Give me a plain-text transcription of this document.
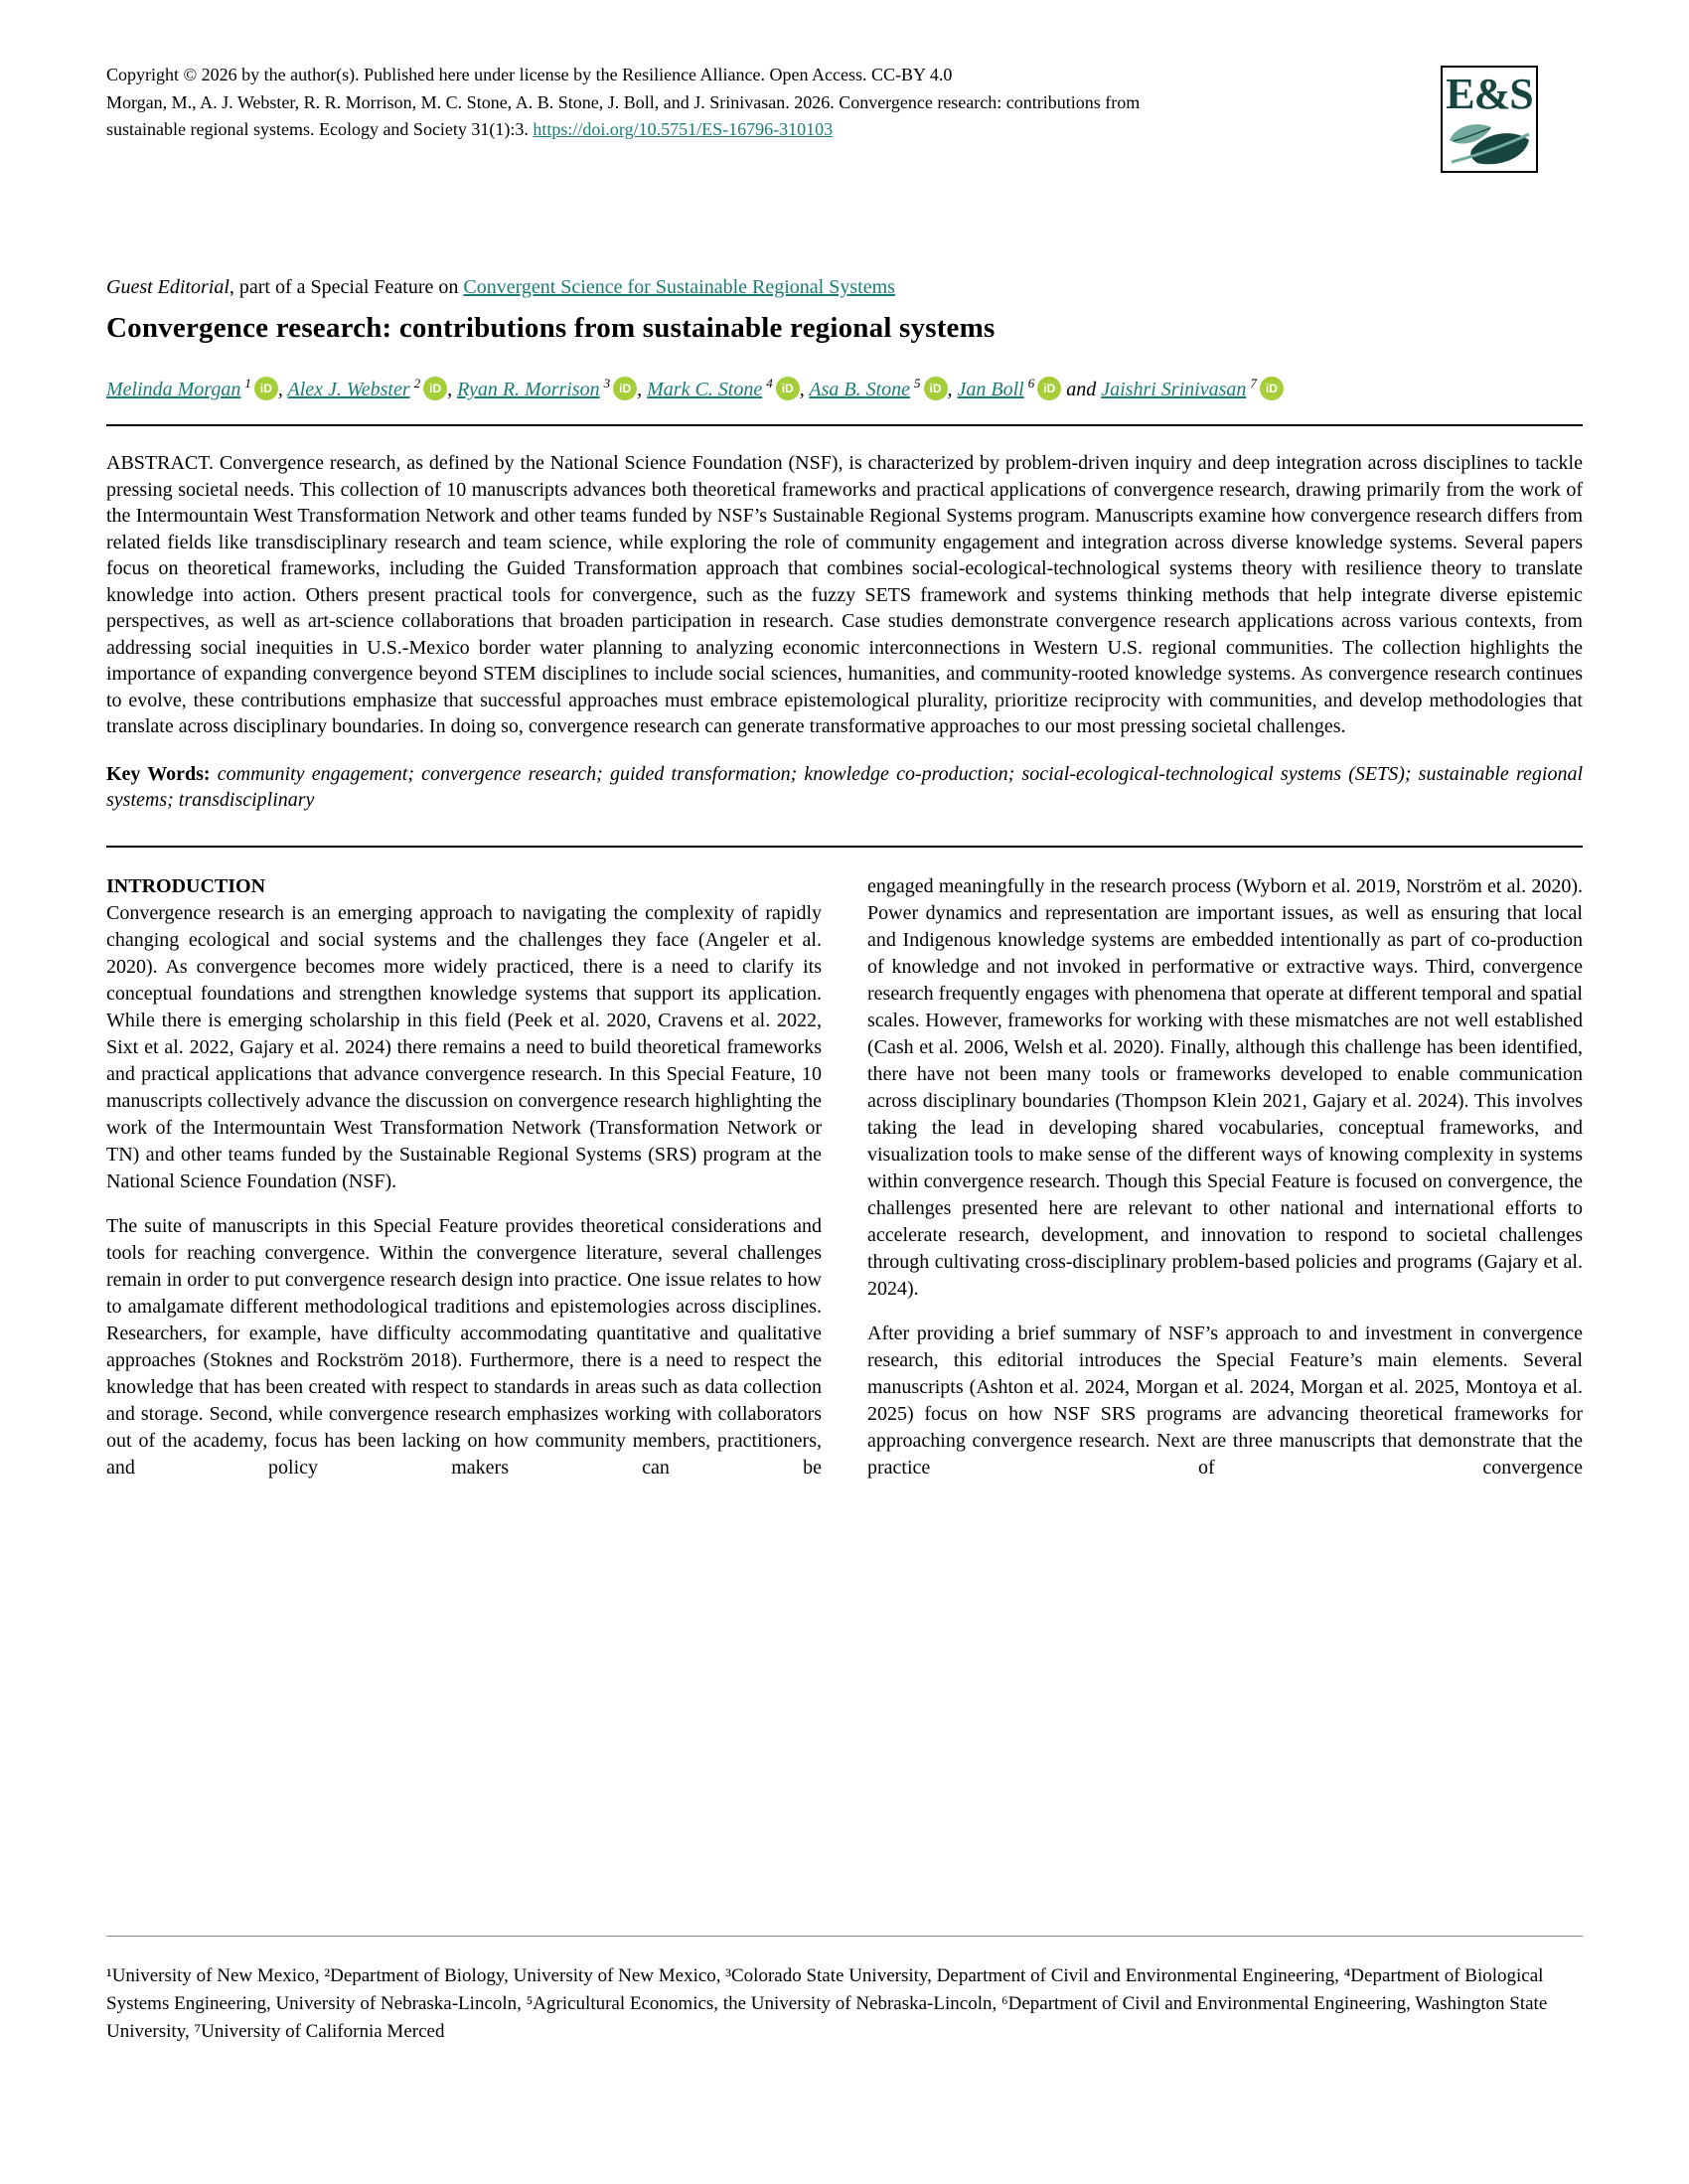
Copyright © 2026 by the author(s). Published here under license by the Resilience Alliance. Open Access. CC-BY 4.0

Morgan, M., A. J. Webster, R. R. Morrison, M. C. Stone, A. B. Stone, J. Boll, and J. Srinivasan. 2026. Convergence research: contributions from sustainable regional systems. Ecology and Society 31(1):3. https://doi.org/10.5751/ES-16796-310103

E&S
Guest Editorial, part of a Special Feature on Convergent Science for Sustainable Regional Systems
Convergence research: contributions from sustainable regional systems
Melinda Morgan $^1$ iD , Alex J. Webster $^2$ iD , Ryan R. Morrison $^3$ iD , Mark C. Stone $^4$ iD , Asa B. Stone $^5$ iD , Jan Boll $^6$ iD and Jaishri Srinivasan $^7$ iD

ABSTRACT. Convergence research, as defined by the National Science Foundation (NSF), is characterized by problem-driven inquiry and deep integration across disciplines to tackle pressing societal needs. This collection of 10 manuscripts advances both theoretical frameworks and practical applications of convergence research, drawing primarily from the work of the Intermountain West Transformation Network and other teams funded by NSF’s Sustainable Regional Systems program. Manuscripts examine how convergence research differs from related fields like transdisciplinary research and team science, while exploring the role of community engagement and integration across diverse knowledge systems. Several papers focus on theoretical frameworks, including the Guided Transformation approach that combines social-ecological-technological systems theory with resilience theory to translate knowledge into action. Others present practical tools for convergence, such as the fuzzy SETS framework and systems thinking methods that help integrate diverse epistemic perspectives, as well as art-science collaborations that broaden participation in research. Case studies demonstrate convergence research applications across various contexts, from addressing social inequities in U.S.-Mexico border water planning to analyzing economic interconnections in Western U.S. regional communities. The collection highlights the importance of expanding convergence beyond STEM disciplines to include social sciences, humanities, and community-rooted knowledge systems. As convergence research continues to evolve, these contributions emphasize that successful approaches must embrace epistemological plurality, prioritize reciprocity with communities, and develop methodologies that translate across disciplinary boundaries. In doing so, convergence research can generate transformative approaches to our most pressing societal challenges.

Key Words: community engagement; convergence research; guided transformation; knowledge co-production; social-ecological-technological systems (SETS); sustainable regional systems; transdisciplinary

INTRODUCTION

Convergence research is an emerging approach to navigating the complexity of rapidly changing ecological and social systems and the challenges they face (Angeler et al. 2020). As convergence becomes more widely practiced, there is a need to clarify its conceptual foundations and strengthen knowledge systems that support its application. While there is emerging scholarship in this field (Peek et al. 2020, Cravens et al. 2022, Sixt et al. 2022, Gajary et al. 2024) there remains a need to build theoretical frameworks and practical applications that advance convergence research. In this Special Feature, 10 manuscripts collectively advance the discussion on convergence research highlighting the work of the Intermountain West Transformation Network (Transformation Network or TN) and other teams funded by the Sustainable Regional Systems (SRS) program at the National Science Foundation (NSF).

The suite of manuscripts in this Special Feature provides theoretical considerations and tools for reaching convergence. Within the convergence literature, several challenges remain in order to put convergence research design into practice. One issue relates to how to amalgamate different methodological traditions and epistemologies across disciplines. Researchers, for example, have difficulty accommodating quantitative and qualitative approaches (Stoknes and Rockström 2018). Furthermore, there is a need to respect the knowledge that has been created with respect to standards in areas such as data collection and storage. Second, while convergence research emphasizes working with collaborators out of the academy, focus has been lacking on how community members, practitioners, and policy makers can be

engaged meaningfully in the research process (Wyborn et al. 2019, Norström et al. 2020). Power dynamics and representation are important issues, as well as ensuring that local and Indigenous knowledge systems are embedded intentionally as part of co-production of knowledge and not invoked in performative or extractive ways. Third, convergence research frequently engages with phenomena that operate at different temporal and spatial scales. However, frameworks for working with these mismatches are not well established (Cash et al. 2006, Welsh et al. 2020). Finally, although this challenge has been identified, there have not been many tools or frameworks developed to enable communication across disciplinary boundaries (Thompson Klein 2021, Gajary et al. 2024). This involves taking the lead in developing shared vocabularies, conceptual frameworks, and visualization tools to make sense of the different ways of knowing complexity in systems within convergence research. Though this Special Feature is focused on convergence, the challenges presented here are relevant to other national and international efforts to accelerate research, development, and innovation to respond to societal challenges through cultivating cross-disciplinary problem-based policies and programs (Gajary et al. 2024).

After providing a brief summary of NSF’s approach to and investment in convergence research, this editorial introduces the Special Feature’s main elements. Several manuscripts (Ashton et al. 2024, Morgan et al. 2024, Morgan et al. 2025, Montoya et al. 2025) focus on how NSF SRS programs are advancing theoretical frameworks for approaching convergence research. Next are three manuscripts that demonstrate that the practice of convergence

¹University of New Mexico, ²Department of Biology, University of New Mexico, ³Colorado State University, Department of Civil and Environmental Engineering, ⁴Department of Biological Systems Engineering, University of Nebraska-Lincoln, ⁵Agricultural Economics, the University of Nebraska-Lincoln, ⁶Department of Civil and Environmental Engineering, Washington State University, ⁷University of California Merced
